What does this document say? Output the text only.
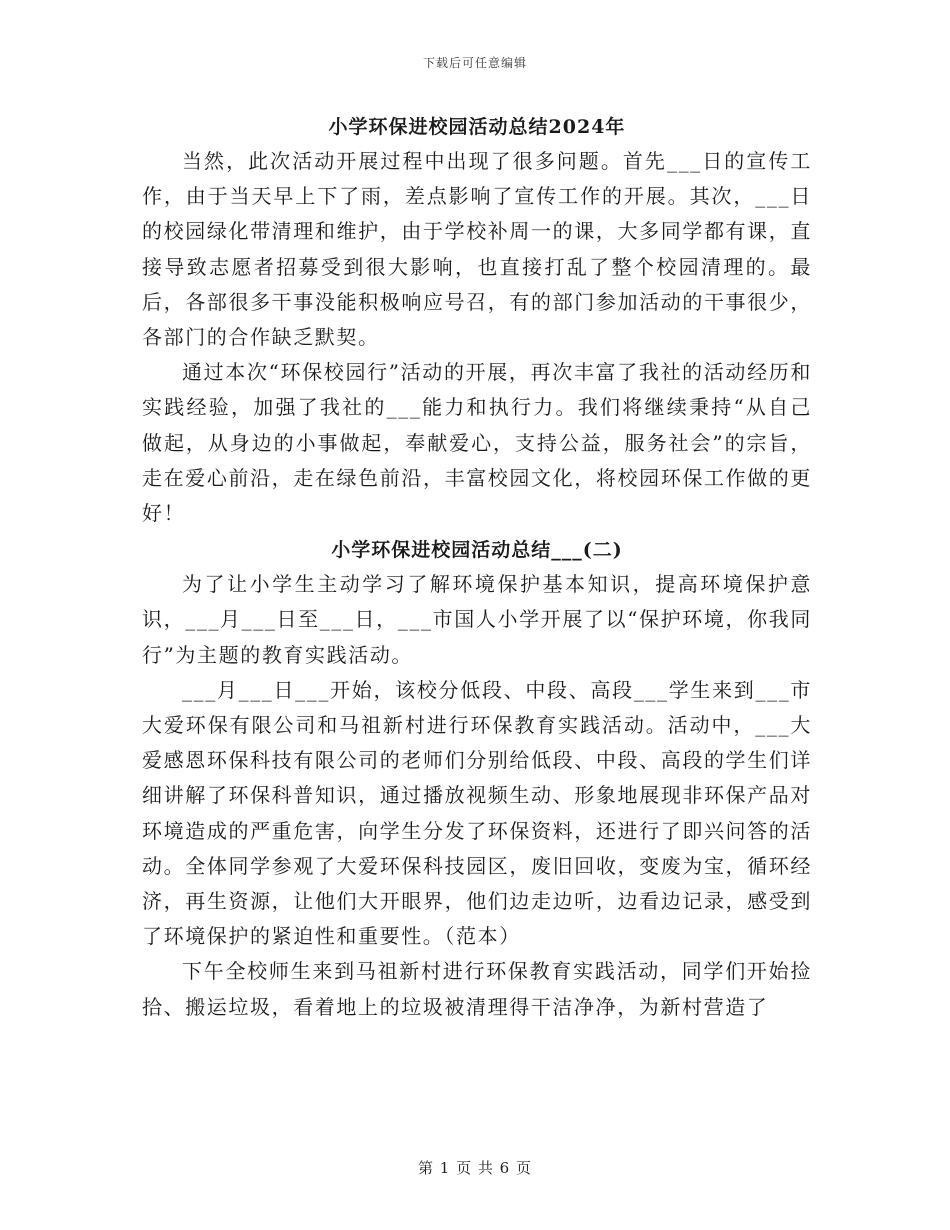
下载后可任意编辑
小学环保进校园活动总结2024年

当然，此次活动开展过程中出现了很多问题。首先___日的宣传工作，由于当天早上下了雨，差点影响了宣传工作的开展。其次，___日的校园绿化带清理和维护，由于学校补周一的课，大多同学都有课，直接导致志愿者招募受到很大影响，也直接打乱了整个校园清理的。最后，各部很多干事没能积极响应号召，有的部门参加活动的干事很少，各部门的合作缺乏默契。

通过本次“环保校园行”活动的开展，再次丰富了我社的活动经历和实践经验，加强了我社的___能力和执行力。我们将继续秉持“从自己做起，从身边的小事做起，奉献爱心，支持公益，服务社会”的宗旨，走在爱心前沿，走在绿色前沿，丰富校园文化，将校园环保工作做的更好！

小学环保进校园活动总结___(二)

为了让小学生主动学习了解环境保护基本知识，提高环境保护意识，___月___日至___日，___市国人小学开展了以“保护环境，你我同行”为主题的教育实践活动。

___月___日___开始，该校分低段、中段、高段___学生来到___市大爱环保有限公司和马祖新村进行环保教育实践活动。活动中，___大爱感恩环保科技有限公司的老师们分别给低段、中段、高段的学生们详细讲解了环保科普知识，通过播放视频生动、形象地展现非环保产品对环境造成的严重危害，向学生分发了环保资料，还进行了即兴问答的活动。全体同学参观了大爱环保科技园区，废旧回收，变废为宝，循环经济，再生资源，让他们大开眼界，他们边走边听，边看边记录，感受到了环境保护的紧迫性和重要性。（范本）

下午全校师生来到马祖新村进行环保教育实践活动，同学们开始捡拾、搬运垃圾，看着地上的垃圾被清理得干洁净净，为新村营造了

第 1 页 共 6 页
